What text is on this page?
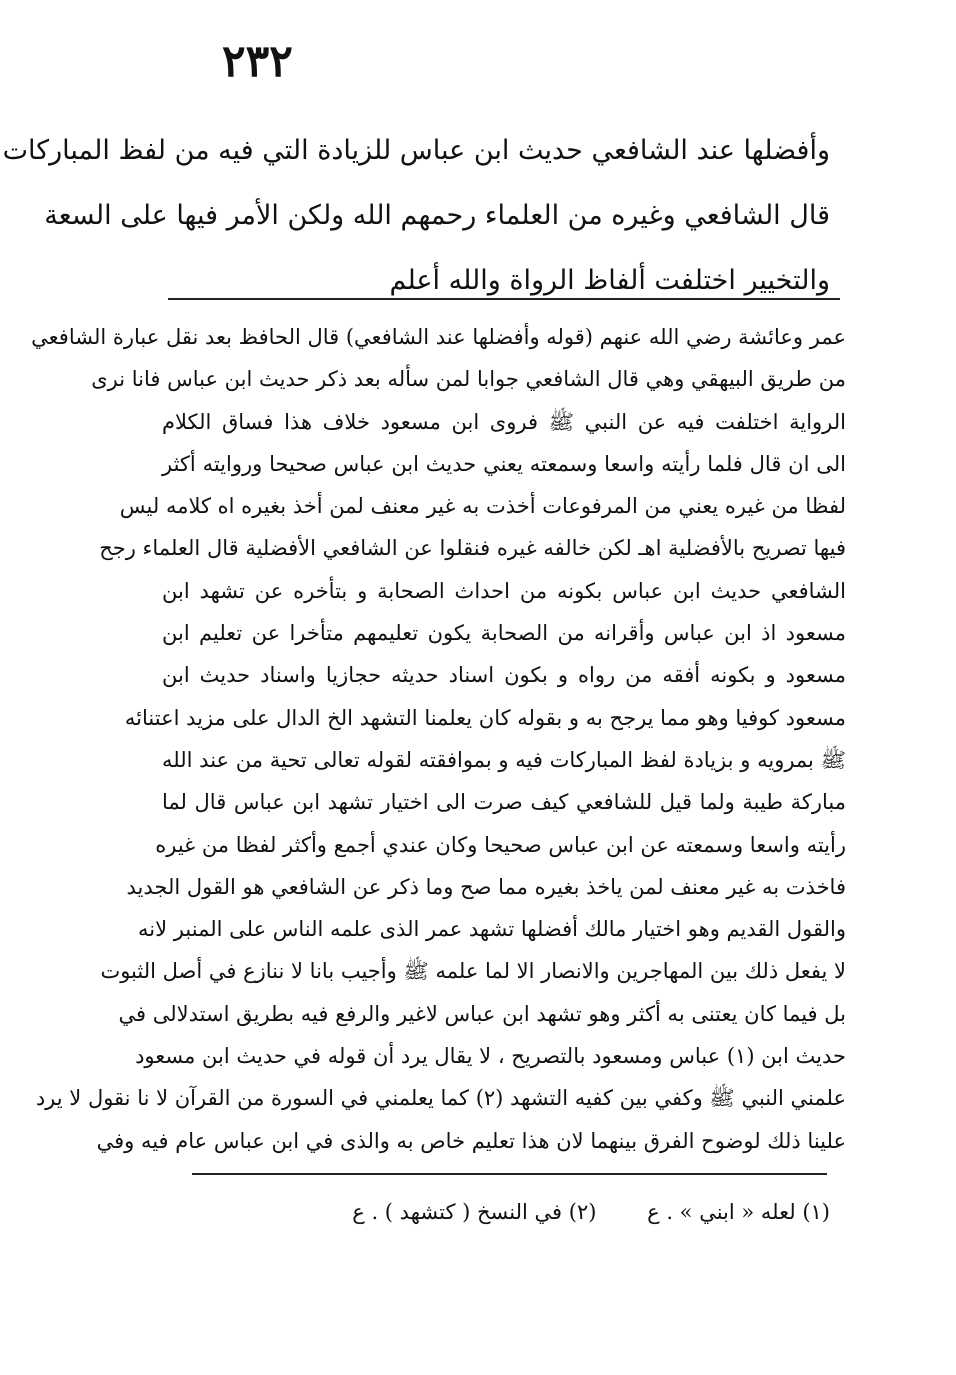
٢٣٢
وأفضلها عند الشافعي حديث ابن عباس للزيادة التي فيه من لفظ المباركات
قال الشافعي وغيره من العلماء رحمهم الله ولكن الأمر فيها على السعة
والتخيير اختلفت ألفاظ الرواة والله أعلم
عمر وعائشة رضي الله عنهم (قوله وأفضلها عند الشافعي) قال الحافظ بعد نقل عبارة الشافعي
من طريق البيهقي وهي قال الشافعي جوابا لمن سأله بعد ذكر حديث ابن عباس فانا نرى
الرواية اختلفت فيه عن النبي ﷺ فروى ابن مسعود خلاف هذا فساق الكلام
الى ان قال فلما رأيته واسعا وسمعته يعني حديث ابن عباس صحيحا وروايته أكثر
لفظا من غيره يعني من المرفوعات أخذت به غير معنف لمن أخذ بغيره اه كلامه ليس
فيها تصريح بالأفضلية اهـ لكن خالفه غيره فنقلوا عن الشافعي الأفضلية قال العلماء رجح
الشافعي حديث ابن عباس بكونه من احداث الصحابة و بتأخره عن تشهد ابن
مسعود اذ ابن عباس وأقرانه من الصحابة يكون تعليمهم متأخرا عن تعليم ابن
مسعود و بكونه أفقه من رواه و بكون اسناد حديثه حجازيا واسناد حديث ابن
مسعود كوفيا وهو مما يرجح به و بقوله كان يعلمنا التشهد الخ الدال على مزيد اعتنائه
ﷺ بمرويه و بزيادة لفظ المباركات فيه و بموافقته لقوله تعالى تحية من عند الله
مباركة طيبة ولما قيل للشافعي كيف صرت الى اختيار تشهد ابن عباس قال لما
رأيته واسعا وسمعته عن ابن عباس صحيحا وكان عندي أجمع وأكثر لفظا من غيره
فاخذت به غير معنف لمن ياخذ بغيره مما صح وما ذكر عن الشافعي هو القول الجديد
والقول القديم وهو اختيار مالك أفضلها تشهد عمر الذى علمه الناس على المنبر لانه
لا يفعل ذلك بين المهاجرين والانصار الا لما علمه ﷺ وأجيب بانا لا ننازع في أصل الثبوت
بل فيما كان يعتنى به أكثر وهو تشهد ابن عباس لاغير والرفع فيه بطريق استدلالى في
حديث ابن (١) عباس ومسعود بالتصريح ، لا يقال يرد أن قوله في حديث ابن مسعود
علمني النبي ﷺ وكفي بين كفيه التشهد (٢) كما يعلمني في السورة من القرآن لا نا نقول لا يرد
علينا ذلك لوضوح الفرق بينهما لان هذا تعليم خاص به والذى في ابن عباس عام فيه وفي
(١) لعله « ابني » . ع (٢) في النسخ ( كتشهد ) . ع
